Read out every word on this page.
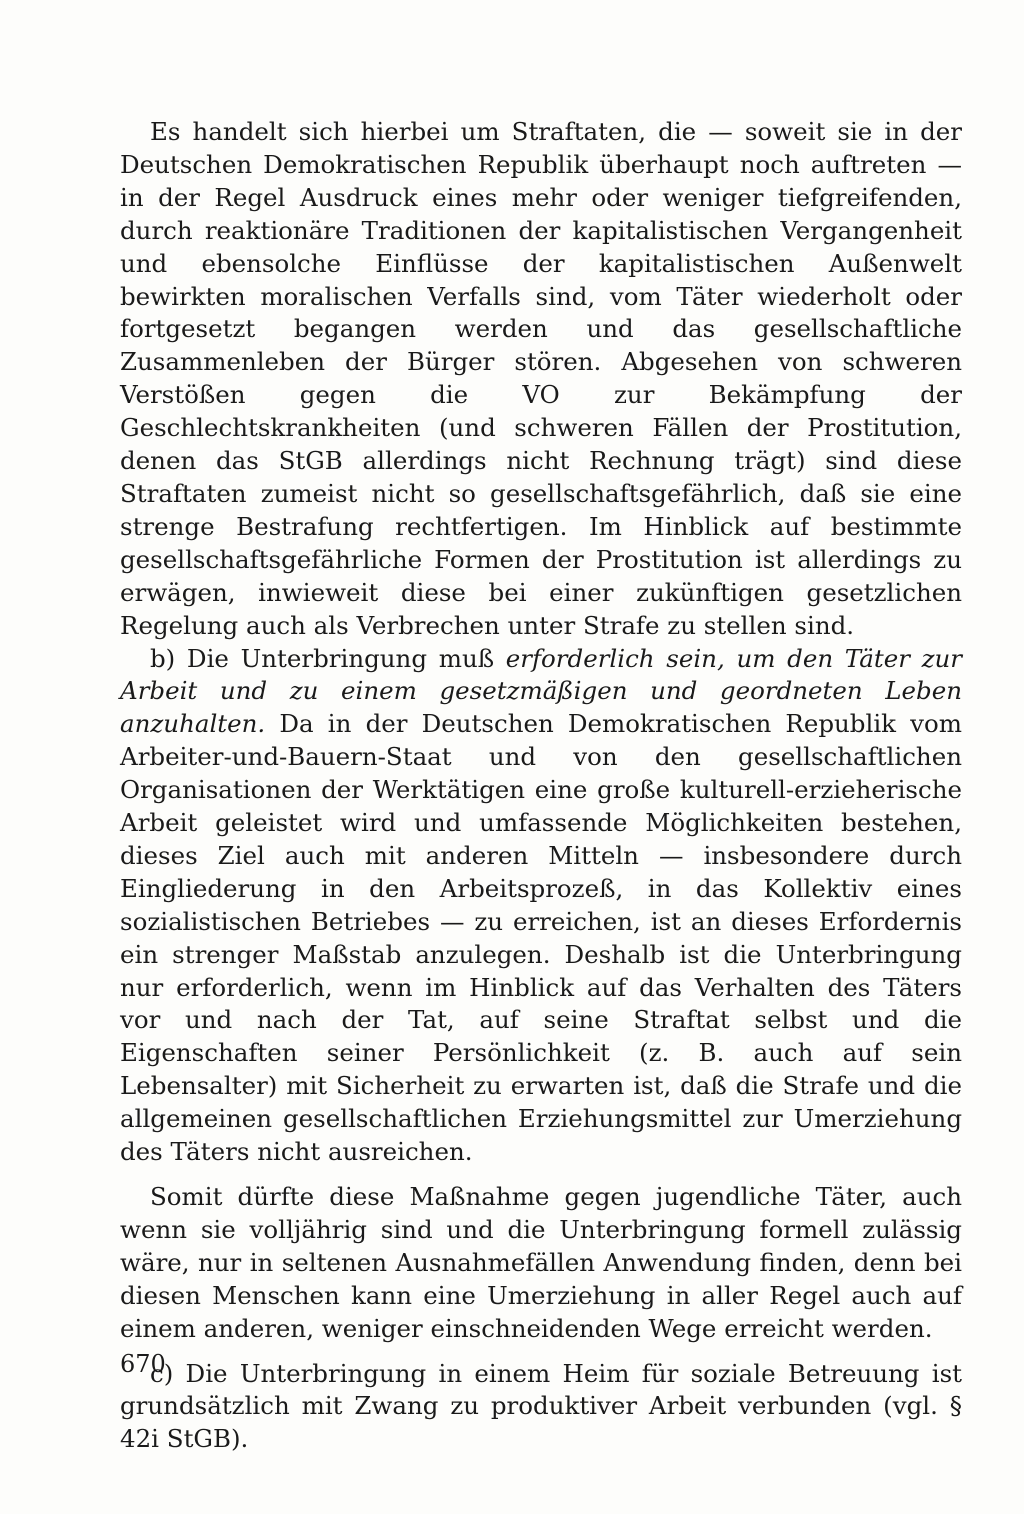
Es handelt sich hierbei um Straftaten, die — soweit sie in der Deutschen Demokratischen Republik überhaupt noch auftreten — in der Regel Ausdruck eines mehr oder weniger tiefgreifenden, durch reaktionäre Traditionen der kapitalistischen Vergangenheit und ebensolche Einflüsse der kapitalistischen Außenwelt bewirkten moralischen Verfalls sind, vom Täter wiederholt oder fortgesetzt begangen werden und das gesellschaftliche Zusammenleben der Bürger stören. Abgesehen von schweren Verstößen gegen die VO zur Bekämpfung der Geschlechtskrankheiten (und schweren Fällen der Prostitution, denen das StGB allerdings nicht Rechnung trägt) sind diese Straftaten zumeist nicht so gesellschaftsgefährlich, daß sie eine strenge Bestrafung rechtfertigen. Im Hinblick auf bestimmte gesellschaftsgefährliche Formen der Prostitution ist allerdings zu erwägen, inwieweit diese bei einer zukünftigen gesetzlichen Regelung auch als Verbrechen unter Strafe zu stellen sind.

b) Die Unterbringung muß erforderlich sein, um den Täter zur Arbeit und zu einem gesetzmäßigen und geordneten Leben anzuhalten. Da in der Deutschen Demokratischen Republik vom Arbeiter-und-Bauern-Staat und von den gesellschaftlichen Organisationen der Werktätigen eine große kulturell-erzieherische Arbeit geleistet wird und umfassende Möglichkeiten bestehen, dieses Ziel auch mit anderen Mitteln — insbesondere durch Eingliederung in den Arbeitsprozeß, in das Kollektiv eines sozialistischen Betriebes — zu erreichen, ist an dieses Erfordernis ein strenger Maßstab anzulegen. Deshalb ist die Unterbringung nur erforderlich, wenn im Hinblick auf das Verhalten des Täters vor und nach der Tat, auf seine Straftat selbst und die Eigenschaften seiner Persönlichkeit (z. B. auch auf sein Lebensalter) mit Sicherheit zu erwarten ist, daß die Strafe und die allgemeinen gesellschaftlichen Erziehungsmittel zur Umerziehung des Täters nicht ausreichen.

Somit dürfte diese Maßnahme gegen jugendliche Täter, auch wenn sie volljährig sind und die Unterbringung formell zulässig wäre, nur in seltenen Ausnahmefällen Anwendung finden, denn bei diesen Menschen kann eine Umerziehung in aller Regel auch auf einem anderen, weniger einschneidenden Wege erreicht werden.

c) Die Unterbringung in einem Heim für soziale Betreuung ist grundsätzlich mit Zwang zu produktiver Arbeit verbunden (vgl. § 42i StGB).

670
